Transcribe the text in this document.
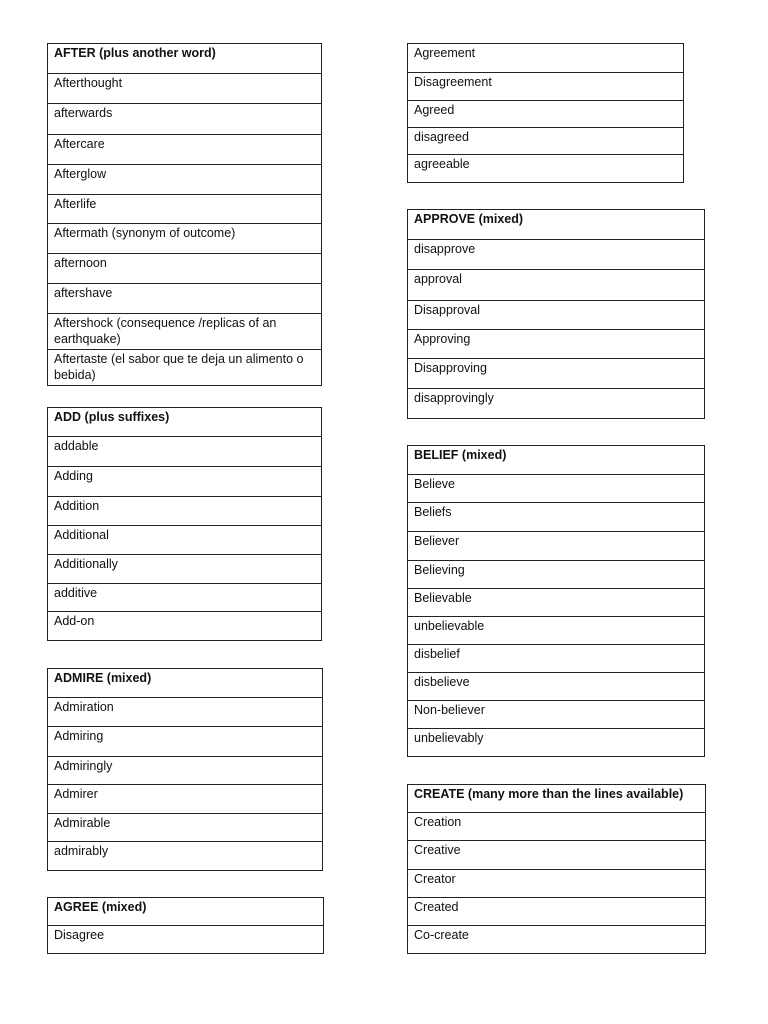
AFTER (plus another word)
Afterthought
afterwards
Aftercare
Afterglow
Afterlife
Aftermath (synonym of outcome)
afternoon
aftershave
Aftershock (consequence /replicas of an earthquake)
Aftertaste (el sabor que te deja un alimento o bebida)
ADD (plus suffixes)
addable
Adding
Addition
Additional
Additionally
additive
Add-on
ADMIRE (mixed)
Admiration
Admiring
Admiringly
Admirer
Admirable
admirably
AGREE (mixed)
Disagree
Agreement
Disagreement
Agreed
disagreed
agreeable
APPROVE (mixed)
disapprove
approval
Disapproval
Approving
Disapproving
disapprovingly
BELIEF (mixed)
Believe
Beliefs
Believer
Believing
Believable
unbelievable
disbelief
disbelieve
Non-believer
unbelievably
CREATE (many more than the lines available)
Creation
Creative
Creator
Created
Co-create
